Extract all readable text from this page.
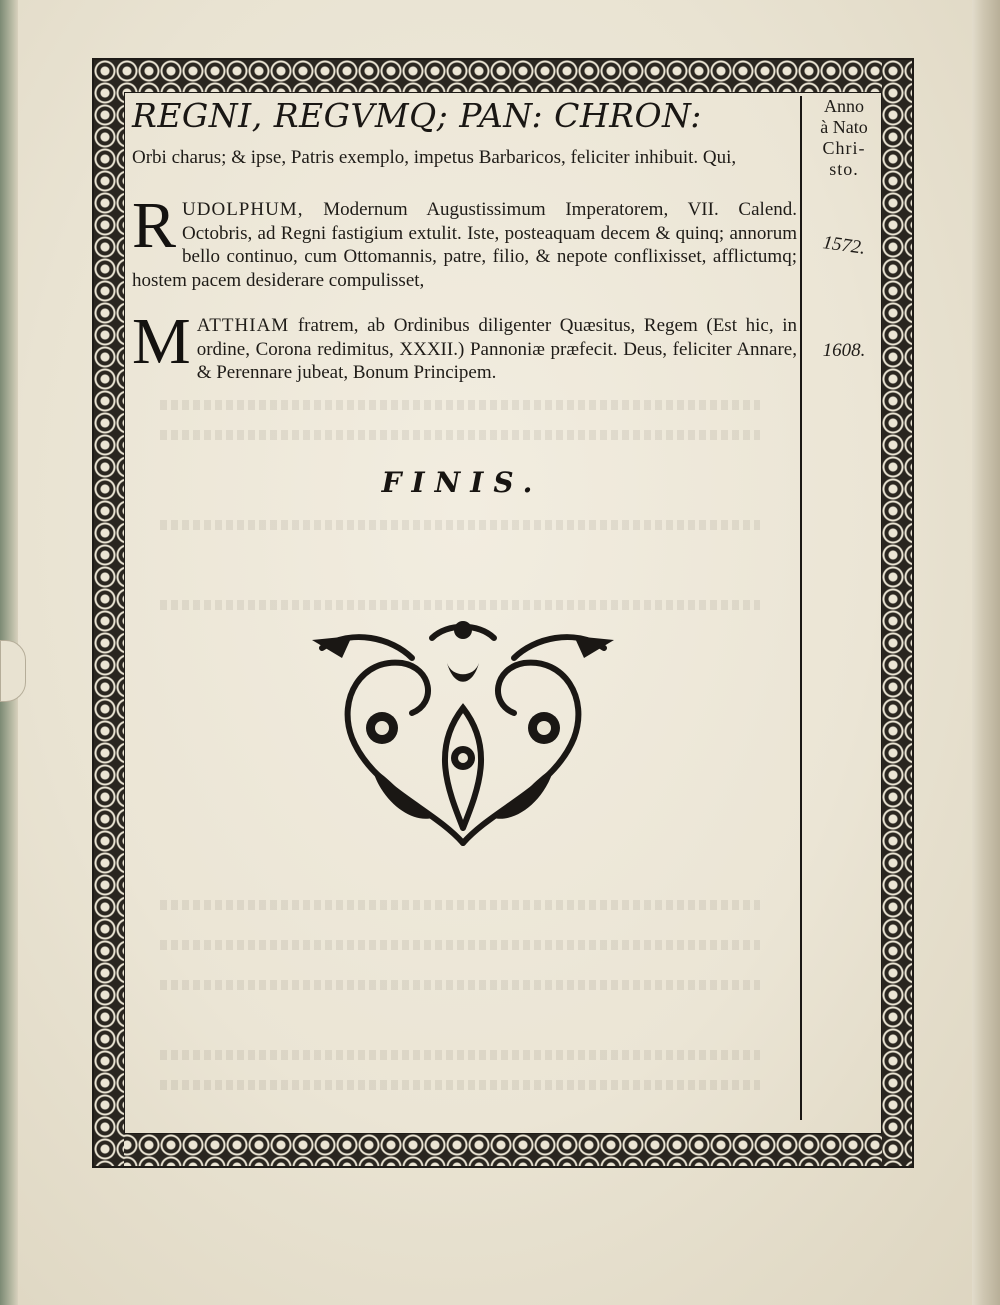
REGNI, REGVMQ; PAN: CHRON:	Anno
à Nato
Chri-
sto.
Orbi charus; & ipse, Patris exemplo, impetus Barbaricos, feliciter inhibuit. Qui,
R UDOLPHUM, Modernum Augustissimum Imperatorem, VII. Calend. Octobris, ad Regni fastigium extulit. Iste, posteaquam decem & quinq; annorum bello continuo, cum Ottomannis, patre, filio, & nepote conflixisset, afflictumq; hostem pacem desiderare compulisset,
M ATTHIAM fratrem, ab Ordinibus diligenter Quæsitus, Regem (Est hic, in ordine, Corona redimitus, XXXII.) Pannoniæ præfecit. Deus, feliciter Annare, & Perennare jubeat, Bonum Principem.
1572.
1608.
FINIS.
